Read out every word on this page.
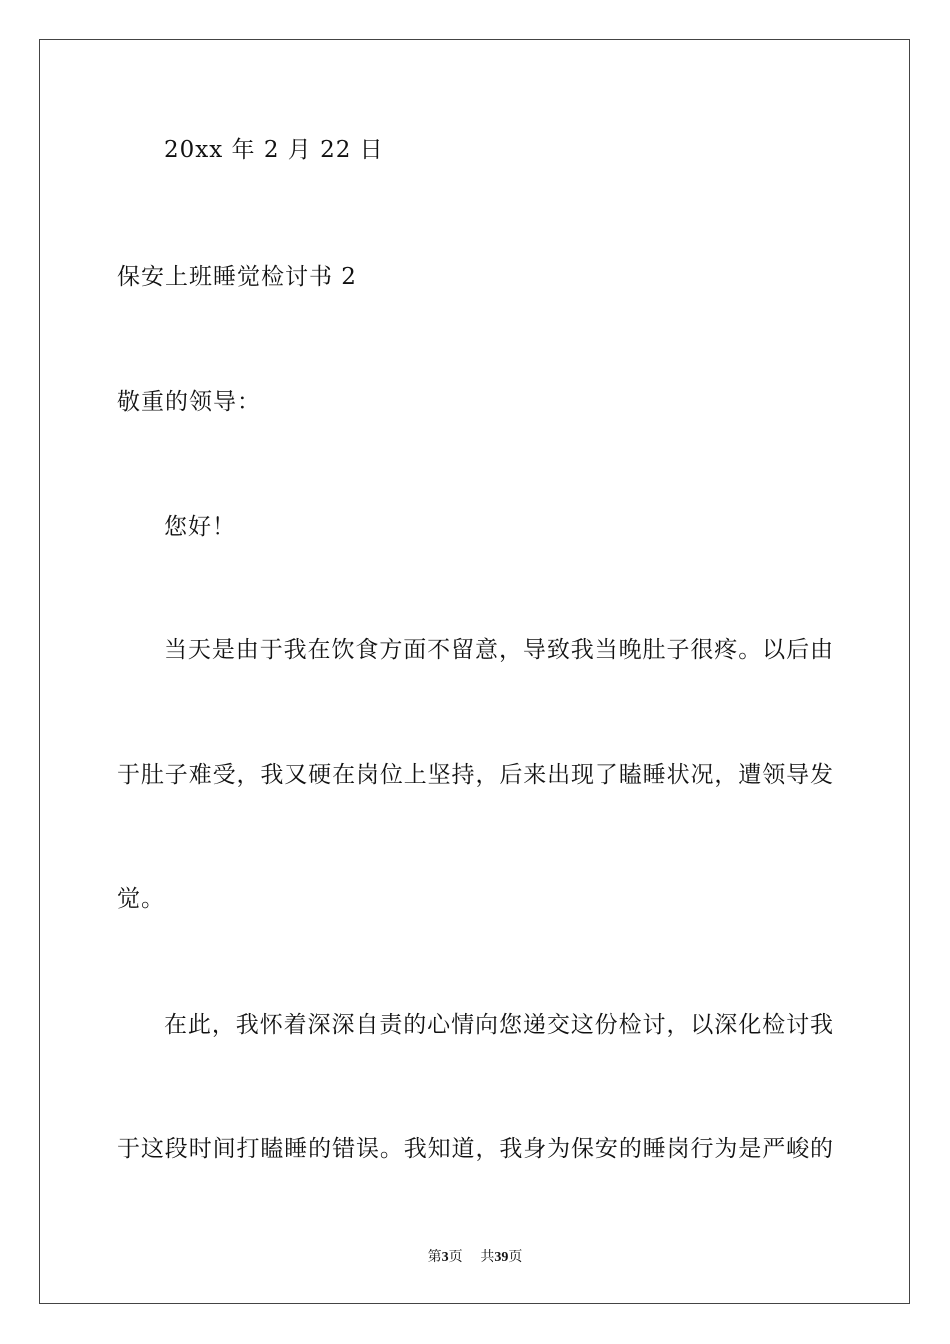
20xx 年 2 月 22 日
保安上班睡觉检讨书 2
敬重的领导：
您好！
当天是由于我在饮食方面不留意，导致我当晚肚子很疼。以后由
于肚子难受，我又硬在岗位上坚持，后来出现了瞌睡状况，遭领导发
觉。
在此，我怀着深深自责的心情向您递交这份检讨，以深化检讨我
于这段时间打瞌睡的错误。我知道，我身为保安的睡岗行为是严峻的
第3页 共39页
